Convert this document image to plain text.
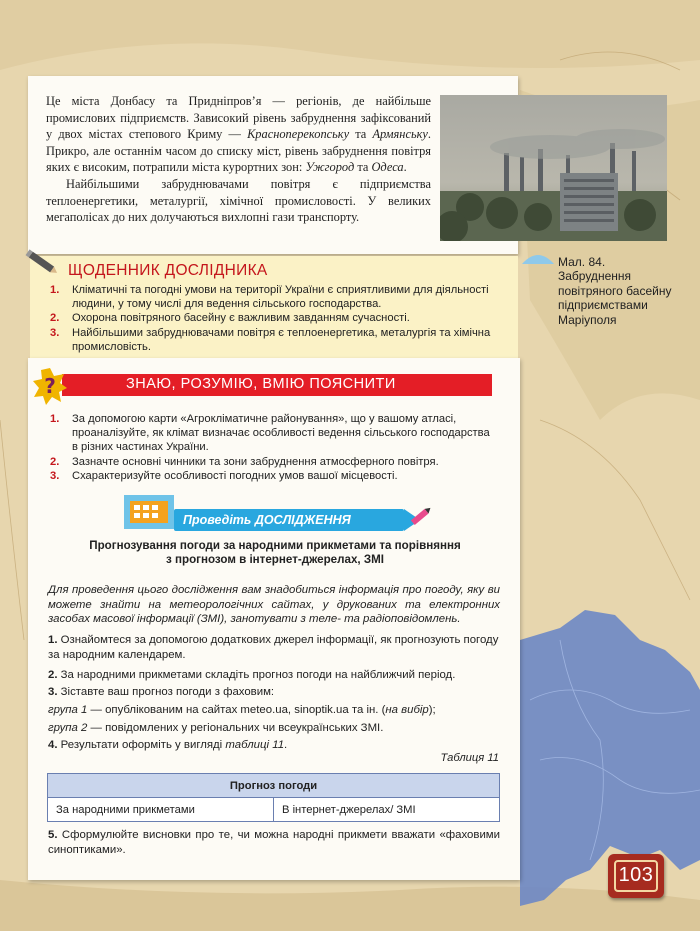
Це міста Донбасу та Придніпров’я — регіонів, де найбільше промислових підприємств. Зависокий рівень забруднення зафіксований у двох містах степового Криму — Красноперекопську та Армянську. Прикро, але останнім часом до списку міст, рівень забруднення повітря яких є високим, потрапили міста курортних зон: Ужгород та Одеса.

Найбільшими забруднювачами повітря є підприємства теплоенергетики, металургії, хімічної промисловості. У великих мегаполісах до них долучаються вихлопні гази транспорту.

Мал. 84.
Забруднення повітряного басейну підприємствами Маріуполя
ЩОДЕННИК ДОСЛІДНИКА
1. Кліматичні та погодні умови на території України є сприятливими для діяльності людини, у тому числі для ведення сільського господарства.
2. Охорона повітряного басейну є важливим завданням сучасності.
3. Найбільшими забруднювачами повітря є теплоенергетика, металургія та хімічна промисловість.
?	ЗНАЮ, РОЗУМІЮ, ВМІЮ ПОЯСНИТИ
1. За допомогою карти «Агрокліматичне районування», що у вашому атласі, проаналізуйте, як клімат визначає особливості ведення сільського господарства в різних частинах України.
2. Зазначте основні чинники та зони забруднення атмосферного повітря.
3. Схарактеризуйте особливості погодних умов вашої місцевості.
Проведіть ДОСЛІДЖЕННЯ
Прогнозування погоди за народними прикметами та порівняння
з прогнозом в інтернет-джерелах, ЗМІ
Для проведення цього дослідження вам знадобиться інформація про погоду, яку ви можете знайти на метеорологічних сайтах, у друкованих та електронних засобах масової інформації (ЗМІ), занотувати з теле- та радіоповідомлень.
1. Ознайомтеся за допомогою додаткових джерел інформації, як прогнозують погоду за народним календарем.
2. За народними прикметами складіть прогноз погоди на найближчий період.
3. Зіставте ваш прогноз погоди з фаховим:
група 1 — опублікованим на сайтах meteo.ua, sinoptik.ua та ін. (на вибір);
група 2 — повідомлених у регіональних чи всеукраїнських ЗМІ.
4. Результати оформіть у вигляді таблиці 11.
Таблиця 11
Прогноз погоди
За народними прикметами	В інтернет-джерелах/ ЗМІ
5. Сформулюйте висновки про те, чи можна народні прикмети вважати «фаховими синоптиками».
103
